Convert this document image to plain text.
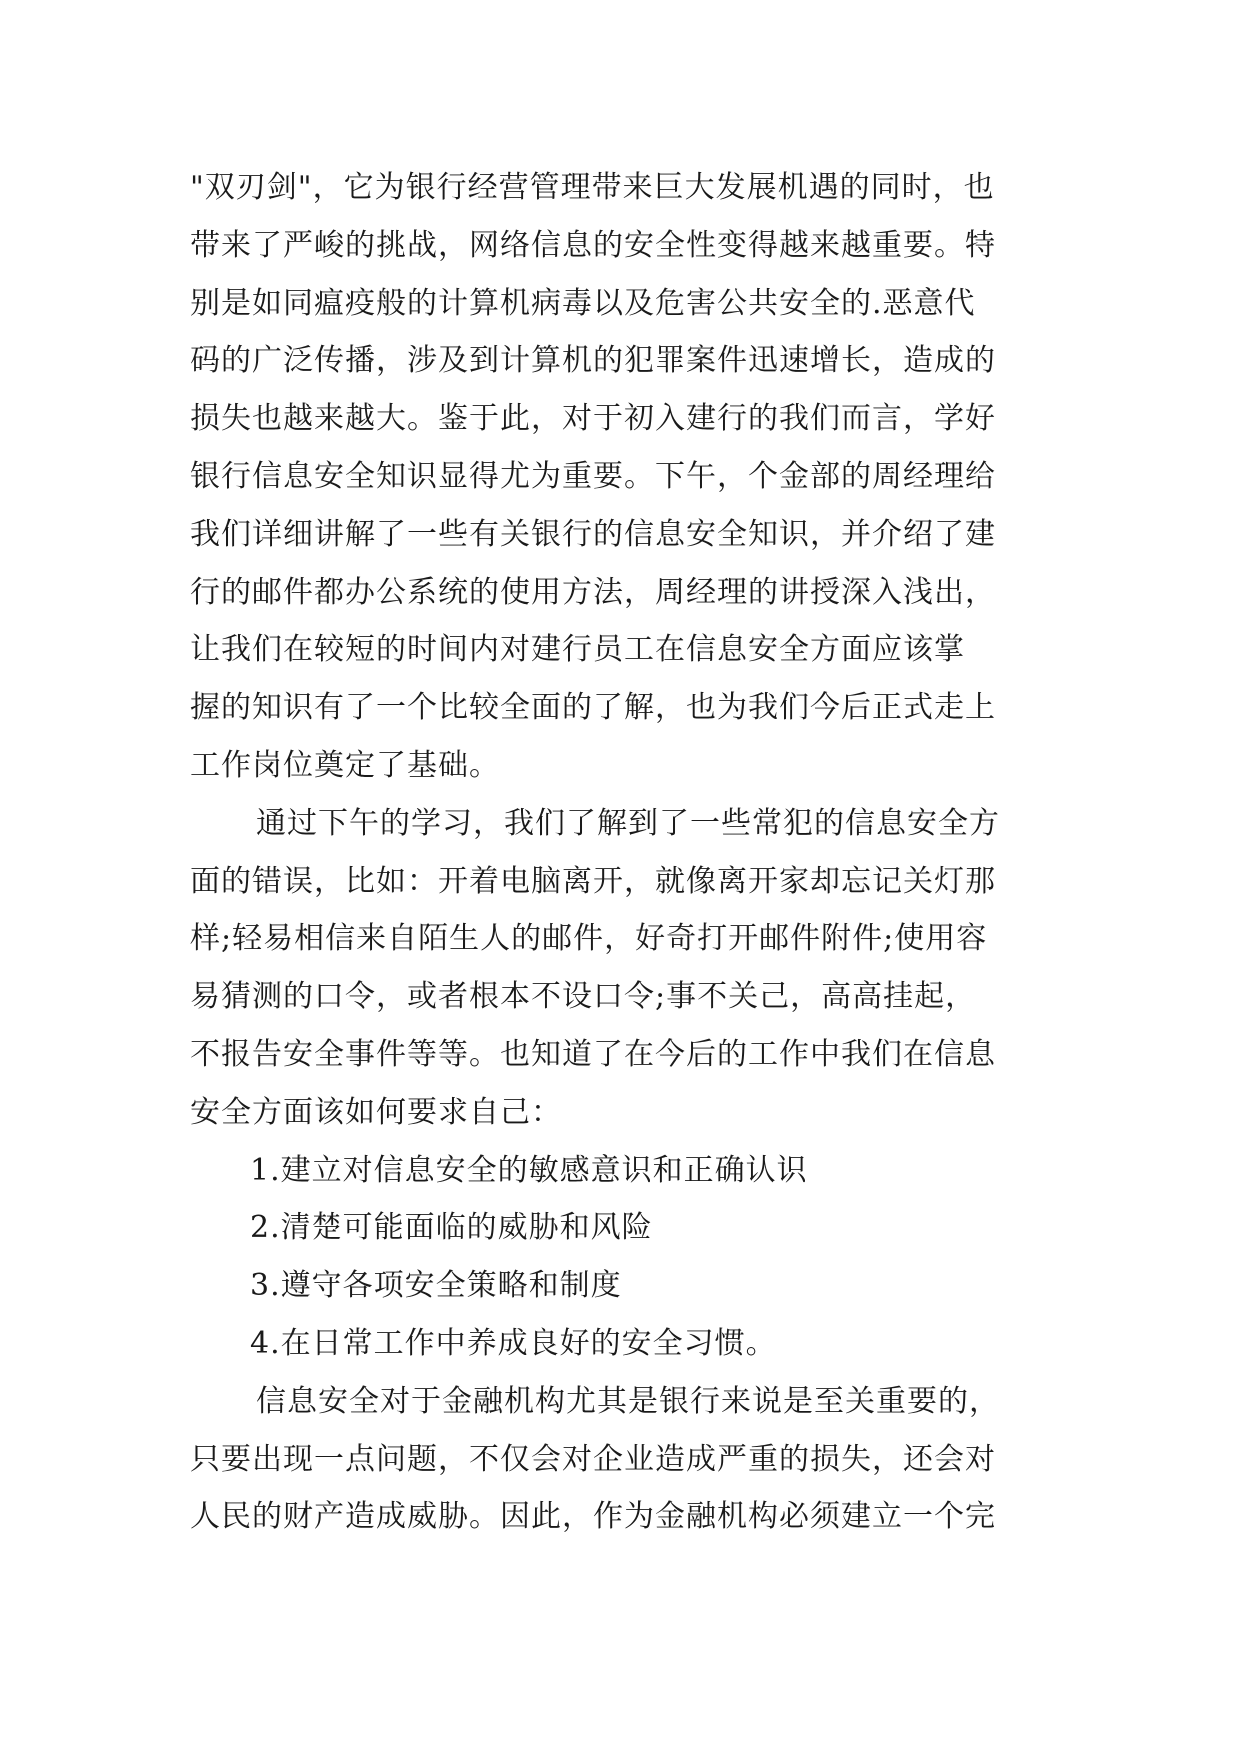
"双刃剑"，它为银行经营管理带来巨大发展机遇的同时，也
带来了严峻的挑战，网络信息的安全性变得越来越重要。特
别是如同瘟疫般的计算机病毒以及危害公共安全的.恶意代
码的广泛传播，涉及到计算机的犯罪案件迅速增长，造成的
损失也越来越大。鉴于此，对于初入建行的我们而言，学好
银行信息安全知识显得尤为重要。下午，个金部的周经理给
我们详细讲解了一些有关银行的信息安全知识，并介绍了建
行的邮件都办公系统的使用方法，周经理的讲授深入浅出，
让我们在较短的时间内对建行员工在信息安全方面应该掌
握的知识有了一个比较全面的了解，也为我们今后正式走上
工作岗位奠定了基础。
通过下午的学习，我们了解到了一些常犯的信息安全方
面的错误，比如：开着电脑离开，就像离开家却忘记关灯那
样;轻易相信来自陌生人的邮件，好奇打开邮件附件;使用容
易猜测的口令，或者根本不设口令;事不关己，高高挂起，
不报告安全事件等等。也知道了在今后的工作中我们在信息
安全方面该如何要求自己：
1.建立对信息安全的敏感意识和正确认识
2.清楚可能面临的威胁和风险
3.遵守各项安全策略和制度
4.在日常工作中养成良好的安全习惯。
信息安全对于金融机构尤其是银行来说是至关重要的，
只要出现一点问题，不仅会对企业造成严重的损失，还会对
人民的财产造成威胁。因此，作为金融机构必须建立一个完
